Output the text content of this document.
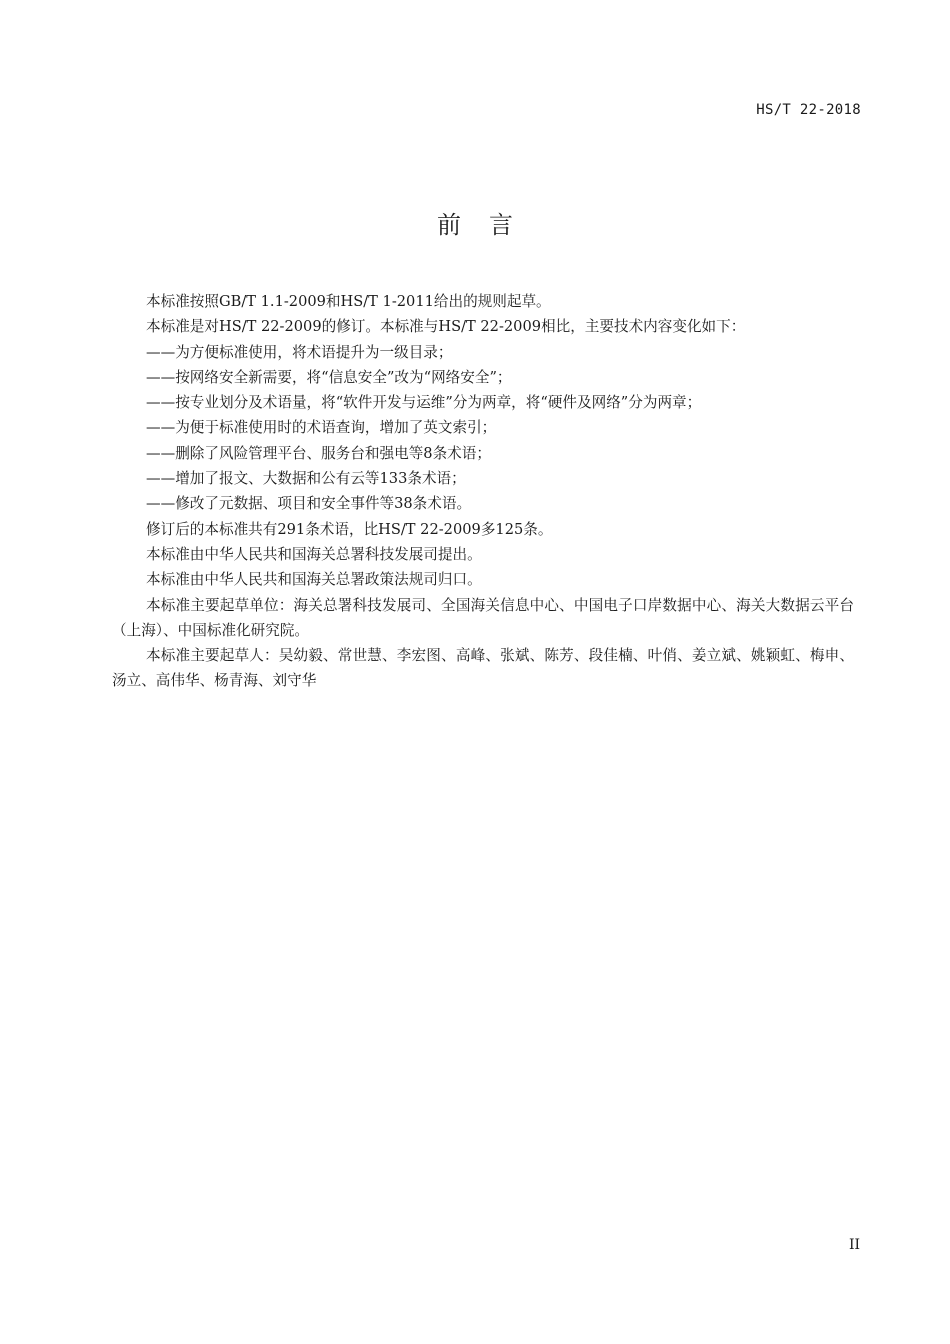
HS/T 22-2018
前言

本标准按照GB/T 1.1-2009和HS/T 1-2011给出的规则起草。

本标准是对HS/T 22-2009的修订。本标准与HS/T 22-2009相比，主要技术内容变化如下：

——为方便标准使用，将术语提升为一级目录；

——按网络安全新需要，将“信息安全”改为“网络安全”；

——按专业划分及术语量，将“软件开发与运维”分为两章，将“硬件及网络”分为两章；

——为便于标准使用时的术语查询，增加了英文索引；

——删除了风险管理平台、服务台和强电等8条术语；

——增加了报文、大数据和公有云等133条术语；

——修改了元数据、项目和安全事件等38条术语。

修订后的本标准共有291条术语，比HS/T 22-2009多125条。

本标准由中华人民共和国海关总署科技发展司提出。

本标准由中华人民共和国海关总署政策法规司归口。

本标准主要起草单位：海关总署科技发展司、全国海关信息中心、中国电子口岸数据中心、海关大数据云平台（上海）、中国标准化研究院。

本标准主要起草人：吴幼毅、常世慧、李宏图、高峰、张斌、陈芳、段佳楠、叶俏、姜立斌、姚颖虹、梅申、汤立、高伟华、杨青海、刘守华

II
